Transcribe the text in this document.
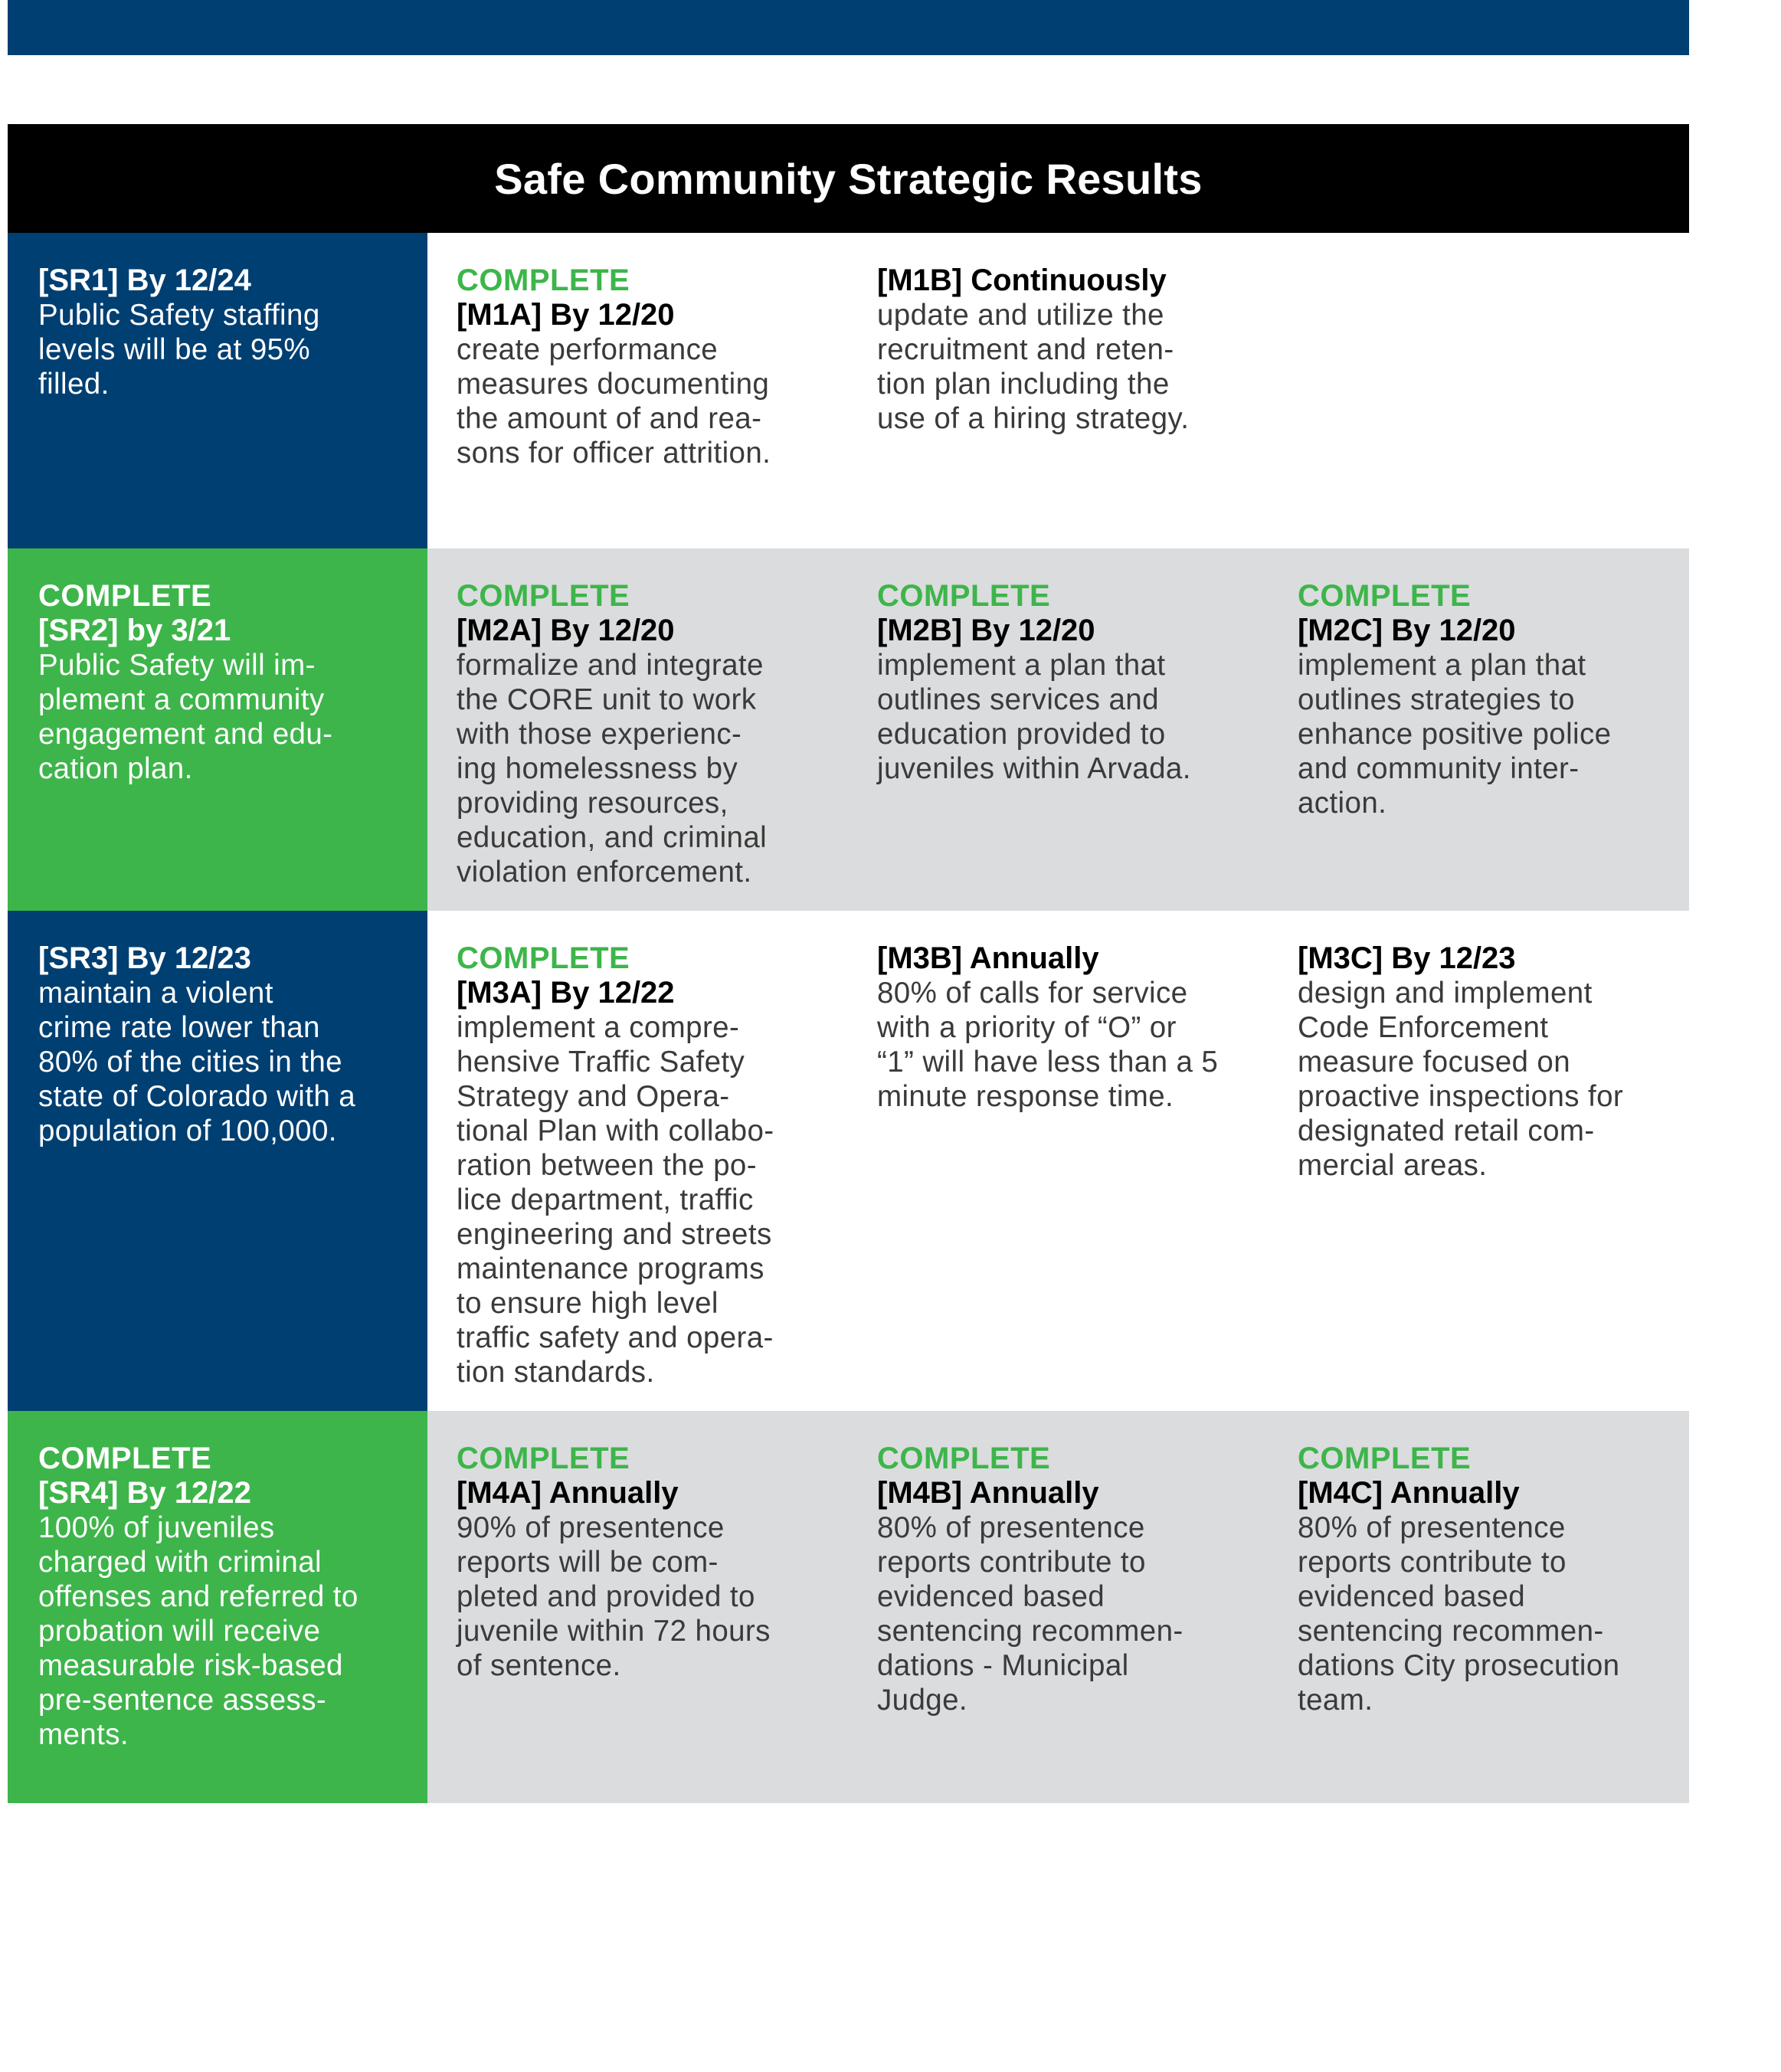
Safe Community Strategic Results
[SR1] By 12/24
Public Safety staffing
levels will be at 95%
filled.
COMPLETE
[M1A] By 12/20
create performance
measures documenting
the amount of and rea-
sons for officer attrition.
[M1B] Continuously
update and utilize the
recruitment and reten-
tion plan including the
use of a hiring strategy.
COMPLETE
[SR2] by 3/21
Public Safety will im-
plement a community
engagement and edu-
cation plan.
COMPLETE
[M2A] By 12/20
formalize and integrate
the CORE unit to work
with those experienc-
ing homelessness by
providing resources,
education, and criminal
violation enforcement.
COMPLETE
[M2B] By 12/20
implement a plan that
outlines services and
education provided to
juveniles within Arvada.
COMPLETE
[M2C] By 12/20
implement a plan that
outlines strategies to
enhance positive police
and community inter-
action.
[SR3] By 12/23
maintain a violent
crime rate lower than
80% of the cities in the
state of Colorado with a
population of 100,000.
COMPLETE
[M3A] By 12/22
implement a compre-
hensive Traffic Safety
Strategy and Opera-
tional Plan with collabo-
ration between the po-
lice department, traffic
engineering and streets
maintenance programs
to ensure high level
traffic safety and opera-
tion standards.
[M3B] Annually
80% of calls for service
with a priority of “O” or
“1” will have less than a 5
minute response time.
[M3C] By 12/23
design and implement
Code Enforcement
measure focused on
proactive inspections for
designated retail com-
mercial areas.
COMPLETE
[SR4] By 12/22
100% of juveniles
charged with criminal
offenses and referred to
probation will receive
measurable risk-based
pre-sentence assess-
ments.
COMPLETE
[M4A] Annually
90% of presentence
reports will be com-
pleted and provided to
juvenile within 72 hours
of sentence.
COMPLETE
[M4B] Annually
80% of presentence
reports contribute to
evidenced based
sentencing recommen-
dations - Municipal
Judge.
COMPLETE
[M4C] Annually
80% of presentence
reports contribute to
evidenced based
sentencing recommen-
dations City prosecution
team.
